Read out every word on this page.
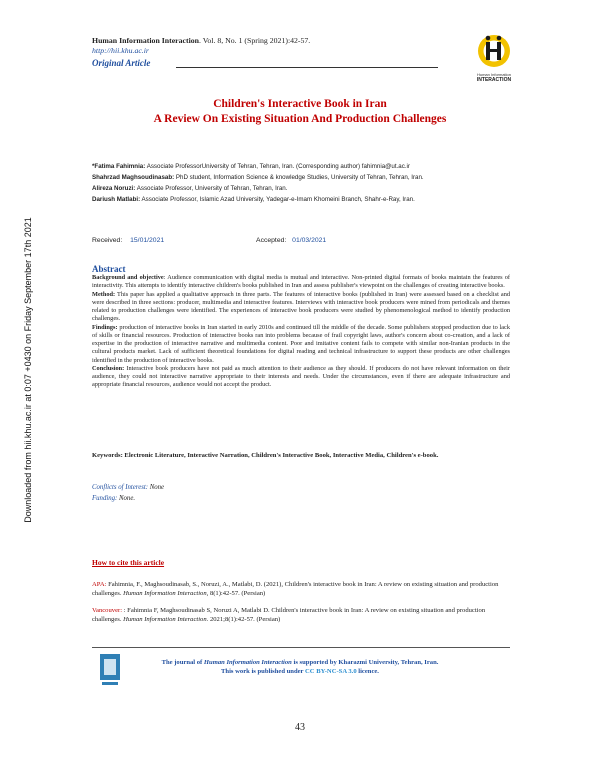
Downloaded from hii.khu.ac.ir at 0:07 +0430 on Friday September 17th 2021
Human Information Interaction. Vol. 8, No. 1 (Spring 2021):42-57.
http://hii.khu.ac.ir
Original Article
Human Information
INTERACTION
Children's Interactive Book in Iran
A Review On Existing Situation And Production Challenges
*Fatima Fahimnia: Associate ProfessorUniversity of Tehran, Tehran, Iran. (Corresponding author) fahimnia@ut.ac.ir
Shahrzad Maghsoudinasab: PhD student, Information Science & knowledge Studies, University of Tehran, Tehran, Iran.
Alireza Noruzi: Associate Professor, University of Tehran, Tehran, Iran.
Dariush Matlabi: Associate Professor, Islamic Azad University, Yadegar-e-Imam Khomeini Branch, Shahr-e-Ray, Iran.
Received: 15/01/2021	Accepted: 01/03/2021
Abstract

Background and objective: Audience communication with digital media is mutual and interactive. Non-printed digital formats of books maintain the features of interactivity. This attempts to identify interactive children's books published in Iran and assess publisher's viewpoint on the challenges of creating interactive books.

Method: This paper has applied a qualitative approach in three parts. The features of interactive books (published in Iran) were assessed based on a checklist and were described in three sections: producer, multimedia and interactive features. Interviews with interactive book producers were mined from periodicals and themes related to production challenges were identified. The experiences of interactive book producers were studied by phenomenological method to identify production challenges.

Findings: production of interactive books in Iran started in early 2010s and continued till the middle of the decade. Some publishers stopped production due to lack of skills or financial resources. Production of interactive books ran into problems because of frail copyright laws, author's concern about co-creation, and a lack of expertise in the production of interactive narrative and multimedia content. Poor and imitative content fails to compete with similar non-Iranian products in the cultural products market. Lack of sufficient theoretical foundations for digital reading and technical infrastructure to support these products are other challenges identified in the production of interactive books.

Conclusion: Interactive book producers have not paid as much attention to their audience as they should. If producers do not have relevant information on their audience, they could not interactive narrative appropriate to their interests and needs. Under the circumstances, even if there are adequate infrastructure and appropriate financial resources, audience would not accept the product.

Keywords: Electronic Literature, Interactive Narration, Children's Interactive Book, Interactive Media, Children's e-book.
Conflicts of Interest: None
Funding: None.
How to cite this article
APA: Fahimnia, F., Maghsoudinasab, S., Noruzi, A., Matlabi, D. (2021), Children's interactive book in Iran: A review on existing situation and production challenges. Human Information Interaction, 8(1):42-57. (Persian)
Vancouver: : Fahimnia F, Maghsoudinasab S, Noruzi A, Matlabi D. Children's interactive book in Iran: A review on existing situation and production challenges. Human Information Interaction. 2021;8(1):42-57. (Persian)
The journal of Human Information Interaction is supported by Kharazmi University, Tehran, Iran.
This work is published under CC BY-NC-SA 3.0 licence.
43
